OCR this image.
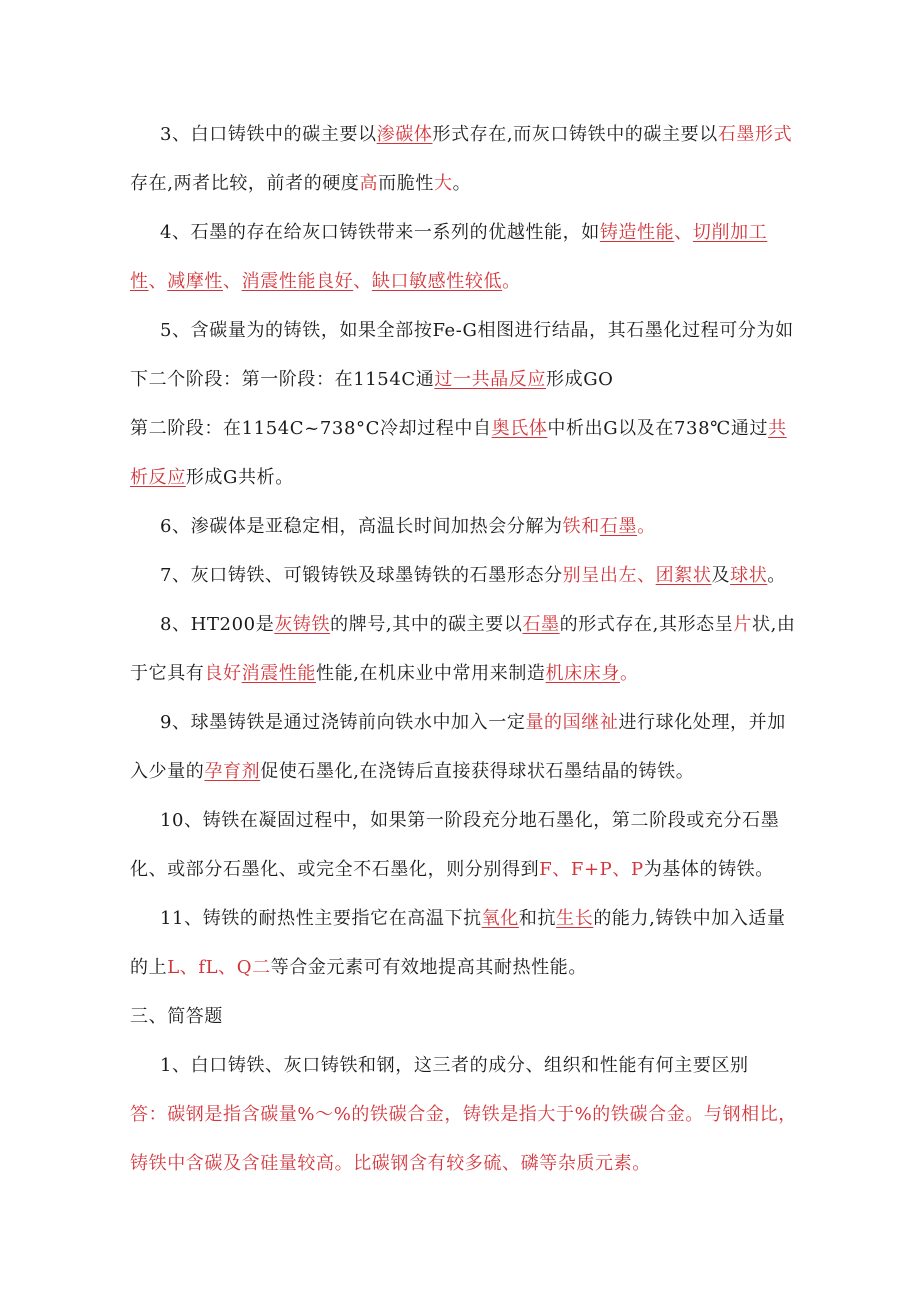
3、白口铸铁中的碳主要以渗碳体形式存在,而灰口铸铁中的碳主要以石墨形式
存在,两者比较，前者的硬度高而脆性大。
4、石墨的存在给灰口铸铁带来一系列的优越性能，如铸造性能、切削加工
性、减摩性、消震性能良好、缺口敏感性较低。
5、含碳量为的铸铁，如果全部按Fe-G相图进行结晶，其石墨化过程可分为如
下二个阶段：第一阶段：在1154C通过一共晶反应形成GO
第二阶段：在1154C~738°C冷却过程中自奥氏体中析出G以及在738℃通过共
析反应形成G共析。
6、渗碳体是亚稳定相，高温长时间加热会分解为铁和石墨。
7、灰口铸铁、可锻铸铁及球墨铸铁的石墨形态分别呈出左、团絮状及球状。
8、HT200是灰铸铁的牌号,其中的碳主要以石墨的形式存在,其形态呈片状,由
于它具有良好消震性能性能,在机床业中常用来制造机床床身。
9、球墨铸铁是通过浇铸前向铁水中加入一定量的国继祉进行球化处理，并加
入少量的孕育剂促使石墨化,在浇铸后直接获得球状石墨结晶的铸铁。
10、铸铁在凝固过程中，如果第一阶段充分地石墨化，第二阶段或充分石墨
化、或部分石墨化、或完全不石墨化，则分别得到F、F+P、P为基体的铸铁。
11、铸铁的耐热性主要指它在高温下抗氧化和抗生长的能力,铸铁中加入适量
的上L、fL、Q二等合金元素可有效地提高其耐热性能。
三、简答题
1、白口铸铁、灰口铸铁和钢，这三者的成分、组织和性能有何主要区别
答：碳钢是指含碳量%～%的铁碳合金，铸铁是指大于%的铁碳合金。与钢相比，
铸铁中含碳及含硅量较高。比碳钢含有较多硫、磷等杂质元素。
